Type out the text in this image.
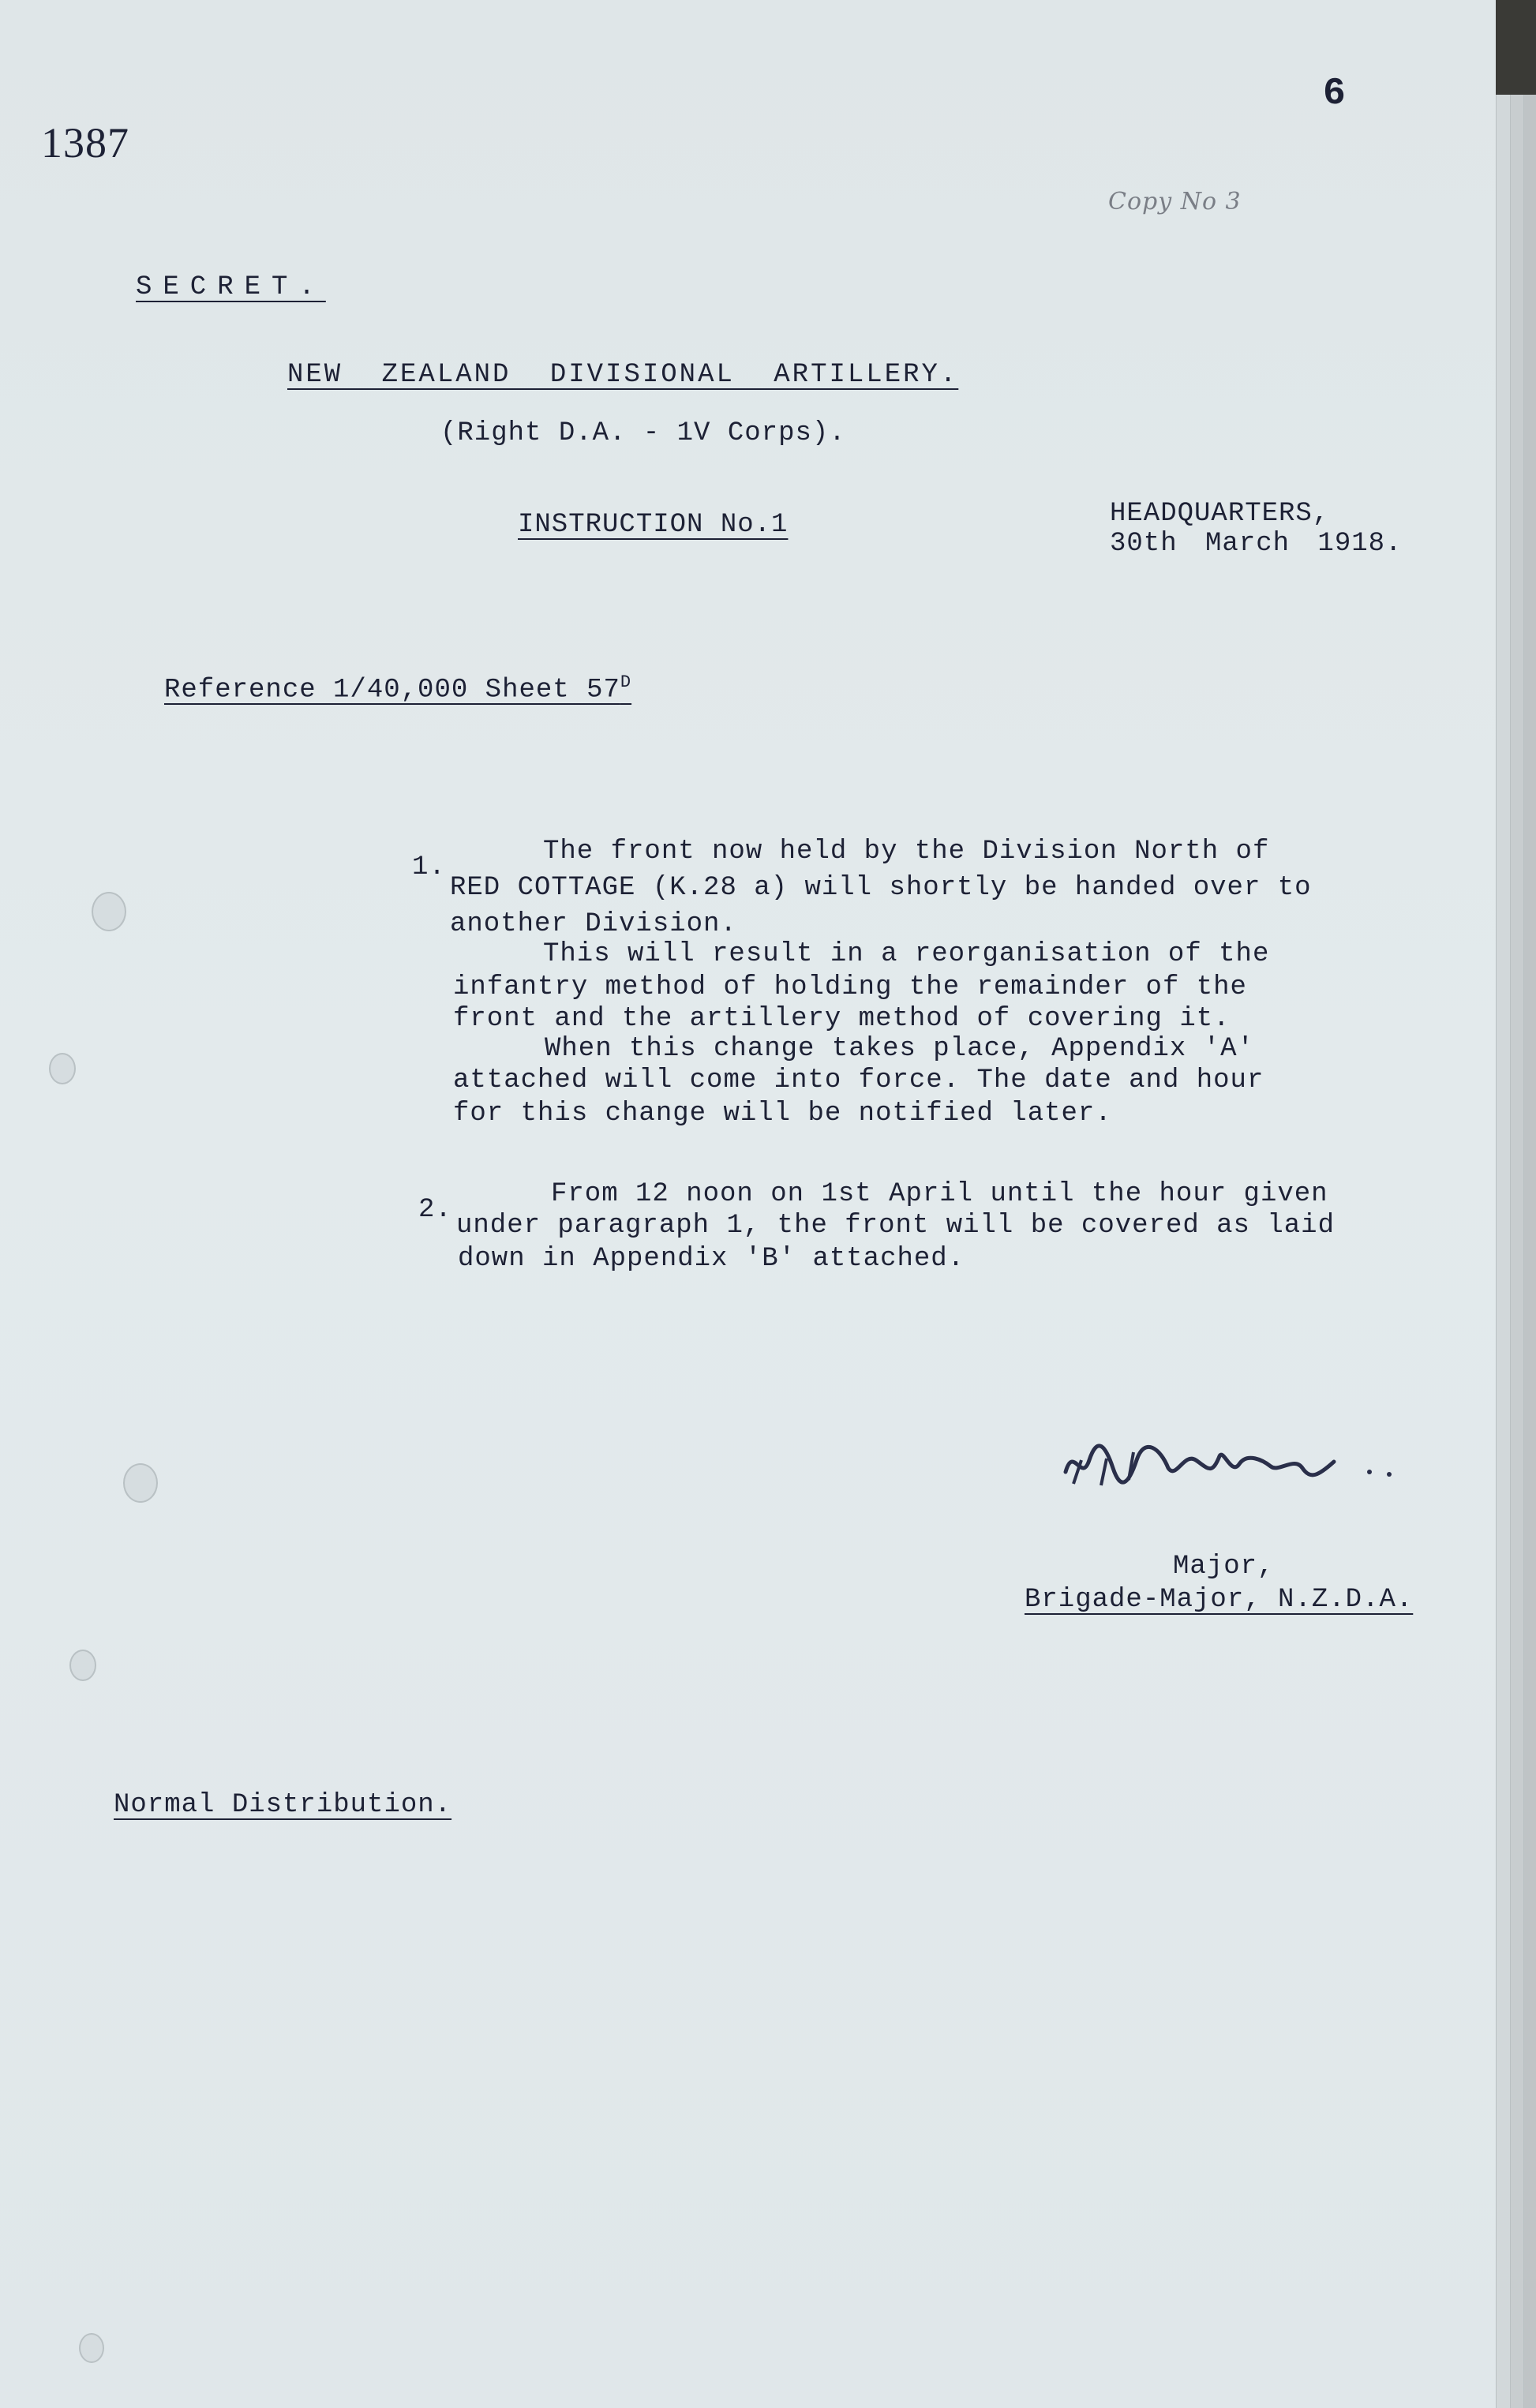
1387
6
Copy No 3
SECRET.
NEW ZEALAND DIVISIONAL ARTILLERY.
(Right D.A. - 1V Corps).
INSTRUCTION No.1	HEADQUARTERS,
30th March 1918.
Reference 1/40,000 Sheet $57^D$
1.
The front now held by the Division North of
RED COTTAGE (K.28 a) will shortly be handed over to
another Division.
This will result in a reorganisation of the
infantry method of holding the remainder of the
front and the artillery method of covering it.
When this change takes place, Appendix 'A'
attached will come into force. The date and hour
for this change will be notified later.
2.
From 12 noon on 1st April until the hour given
under paragraph 1, the front will be covered as laid
down in Appendix 'B' attached.
Major,
Brigade-Major, N.Z.D.A.
Normal Distribution.
